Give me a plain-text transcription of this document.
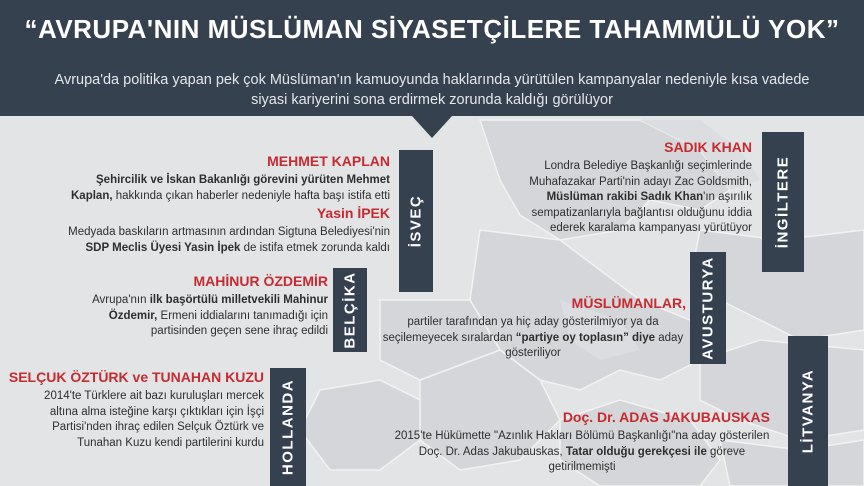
“AVRUPA'NIN MÜSLÜMAN SİYASETÇİLERE TAHAMMÜLÜ YOK”
Avrupa'da politika yapan pek çok Müslüman'ın kamuoyunda haklarında yürütülen kampanyalar nedeniyle kısa vadede
siyasi kariyerini sona erdirmek zorunda kaldığı görülüyor
İSVEÇ	İNGİLTERE
BELÇİKA	AVUSTURYA
LİTVANYA
HOLLANDA
MEHMET KAPLAN
Şehircilik ve İskan Bakanlığı görevini yürüten Mehmet
Kaplan, hakkında çıkan haberler nedeniyle hafta başı istifa etti
Yasin İPEK
Medyada baskıların artmasının ardından Sigtuna Belediyesi'nin
SDP Meclis Üyesi Yasin İpek de istifa etmek zorunda kaldı
SADIK KHAN
Londra Belediye Başkanlığı seçimlerinde
Muhafazakar Parti'nin adayı Zac Goldsmith,
Müslüman rakibi Sadık Khan'ın aşırılık
sempatizanlarıyla bağlantısı olduğunu iddia
ederek karalama kampanyası yürütüyor
MAHİNUR ÖZDEMİR
Avrupa'nın ilk başörtülü milletvekili Mahinur
Özdemir, Ermeni iddialarını tanımadığı için
partisinden geçen sene ihraç edildi
MÜSLÜMANLAR,
partiler tarafından ya hiç aday gösterilmiyor ya da
seçilemeyecek sıralardan “partiye oy toplasın” diye aday
gösteriliyor
SELÇUK ÖZTÜRK ve TUNAHAN KUZU
2014'te Türklere ait bazı kuruluşları mercek
altına alma isteğine karşı çıktıkları için İşçi
Partisi'nden ihraç edilen Selçuk Öztürk ve
Tunahan Kuzu kendi partilerini kurdu
Doç. Dr. ADAS JAKUBAUSKAS
2015'te Hükümette "Azınlık Hakları Bölümü Başkanlığı"na aday gösterilen
Doç. Dr. Adas Jakubauskas, Tatar olduğu gerekçesi ile göreve
getirilmemişti
